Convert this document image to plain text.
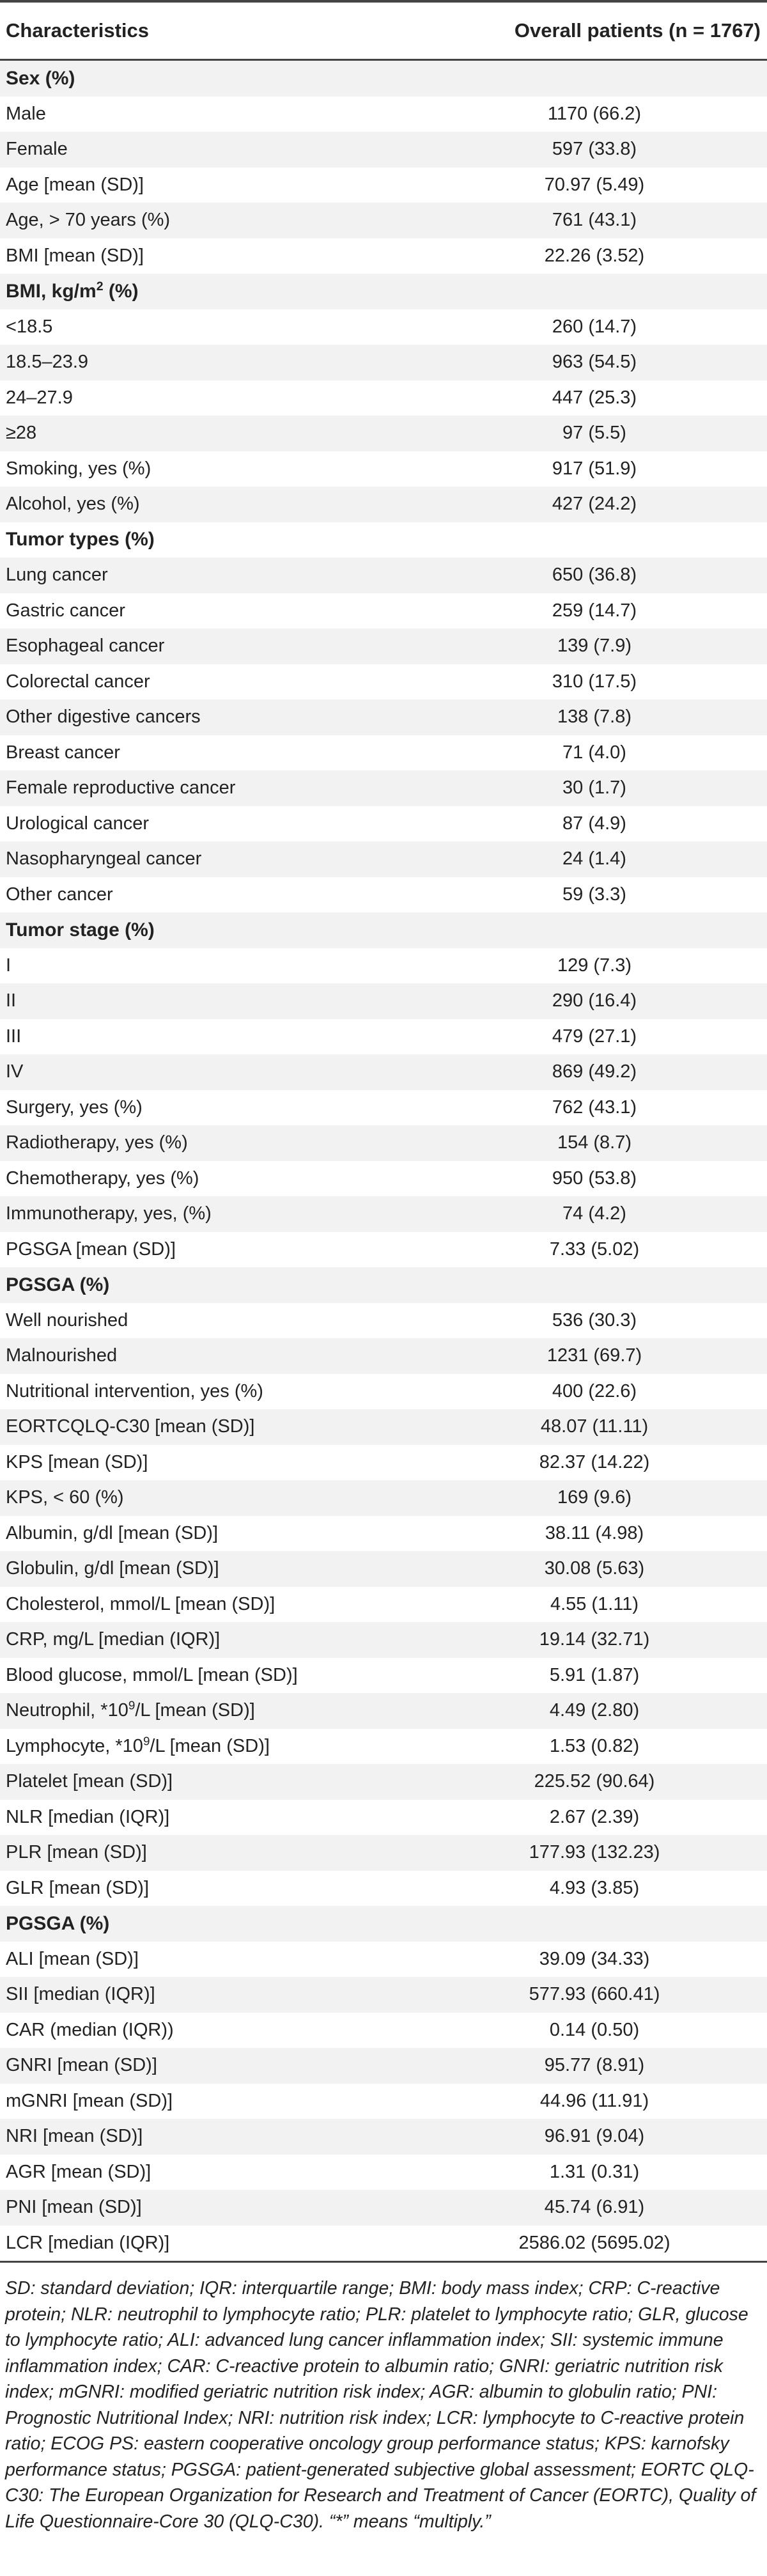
Characteristics	Overall patients (n = 1767)
Sex (%)
Male	1170 (66.2)
Female	597 (33.8)
Age [mean (SD)]	70.97 (5.49)
Age, > 70 years (%)	761 (43.1)
BMI [mean (SD)]	22.26 (3.52)
BMI, $kg/m^2$ (%)
<18.5	260 (14.7)
18.5–23.9	963 (54.5)
24–27.9	447 (25.3)
≥28	97 (5.5)
Smoking, yes (%)	917 (51.9)
Alcohol, yes (%)	427 (24.2)
Tumor types (%)
Lung cancer	650 (36.8)
Gastric cancer	259 (14.7)
Esophageal cancer	139 (7.9)
Colorectal cancer	310 (17.5)
Other digestive cancers	138 (7.8)
Breast cancer	71 (4.0)
Female reproductive cancer	30 (1.7)
Urological cancer	87 (4.9)
Nasopharyngeal cancer	24 (1.4)
Other cancer	59 (3.3)
Tumor stage (%)
I	129 (7.3)
II	290 (16.4)
III	479 (27.1)
IV	869 (49.2)
Surgery, yes (%)	762 (43.1)
Radiotherapy, yes (%)	154 (8.7)
Chemotherapy, yes (%)	950 (53.8)
Immunotherapy, yes, (%)	74 (4.2)
PGSGA [mean (SD)]	7.33 (5.02)
PGSGA (%)
Well nourished	536 (30.3)
Malnourished	1231 (69.7)
Nutritional intervention, yes (%)	400 (22.6)
EORTCQLQ-C30 [mean (SD)]	48.07 (11.11)
KPS [mean (SD)]	82.37 (14.22)
KPS, < 60 (%)	169 (9.6)
Albumin, g/dl [mean (SD)]	38.11 (4.98)
Globulin, g/dl [mean (SD)]	30.08 (5.63)
Cholesterol, mmol/L [mean (SD)]	4.55 (1.11)
CRP, mg/L [median (IQR)]	19.14 (32.71)
Blood glucose, mmol/L [mean (SD)]	5.91 (1.87)
Neutrophil, $*10^9/L$ [mean (SD)]	4.49 (2.80)
Lymphocyte, $*10^9/L$ [mean (SD)]	1.53 (0.82)
Platelet [mean (SD)]	225.52 (90.64)
NLR [median (IQR)]	2.67 (2.39)
PLR [mean (SD)]	177.93 (132.23)
GLR [mean (SD)]	4.93 (3.85)
PGSGA (%)
ALI [mean (SD)]	39.09 (34.33)
SII [median (IQR)]	577.93 (660.41)
CAR (median (IQR))	0.14 (0.50)
GNRI [mean (SD)]	95.77 (8.91)
mGNRI [mean (SD)]	44.96 (11.91)
NRI [mean (SD)]	96.91 (9.04)
AGR [mean (SD)]	1.31 (0.31)
PNI [mean (SD)]	45.74 (6.91)
LCR [median (IQR)]	2586.02 (5695.02)
SD: standard deviation; IQR: interquartile range; BMI: body mass index; CRP: C-reactive protein; NLR: neutrophil to lymphocyte ratio; PLR: platelet to lymphocyte ratio; GLR, glucose to lymphocyte ratio; ALI: advanced lung cancer inflammation index; SII: systemic immune inflammation index; CAR: C-reactive protein to albumin ratio; GNRI: geriatric nutrition risk index; mGNRI: modified geriatric nutrition risk index; AGR: albumin to globulin ratio; PNI: Prognostic Nutritional Index; NRI: nutrition risk index; LCR: lymphocyte to C-reactive protein ratio; ECOG PS: eastern cooperative oncology group performance status; KPS: karnofsky performance status; PGSGA: patient-generated subjective global assessment; EORTC QLQ-C30: The European Organization for Research and Treatment of Cancer (EORTC), Quality of Life Questionnaire-Core 30 (QLQ-C30). “*” means “multiply.”
